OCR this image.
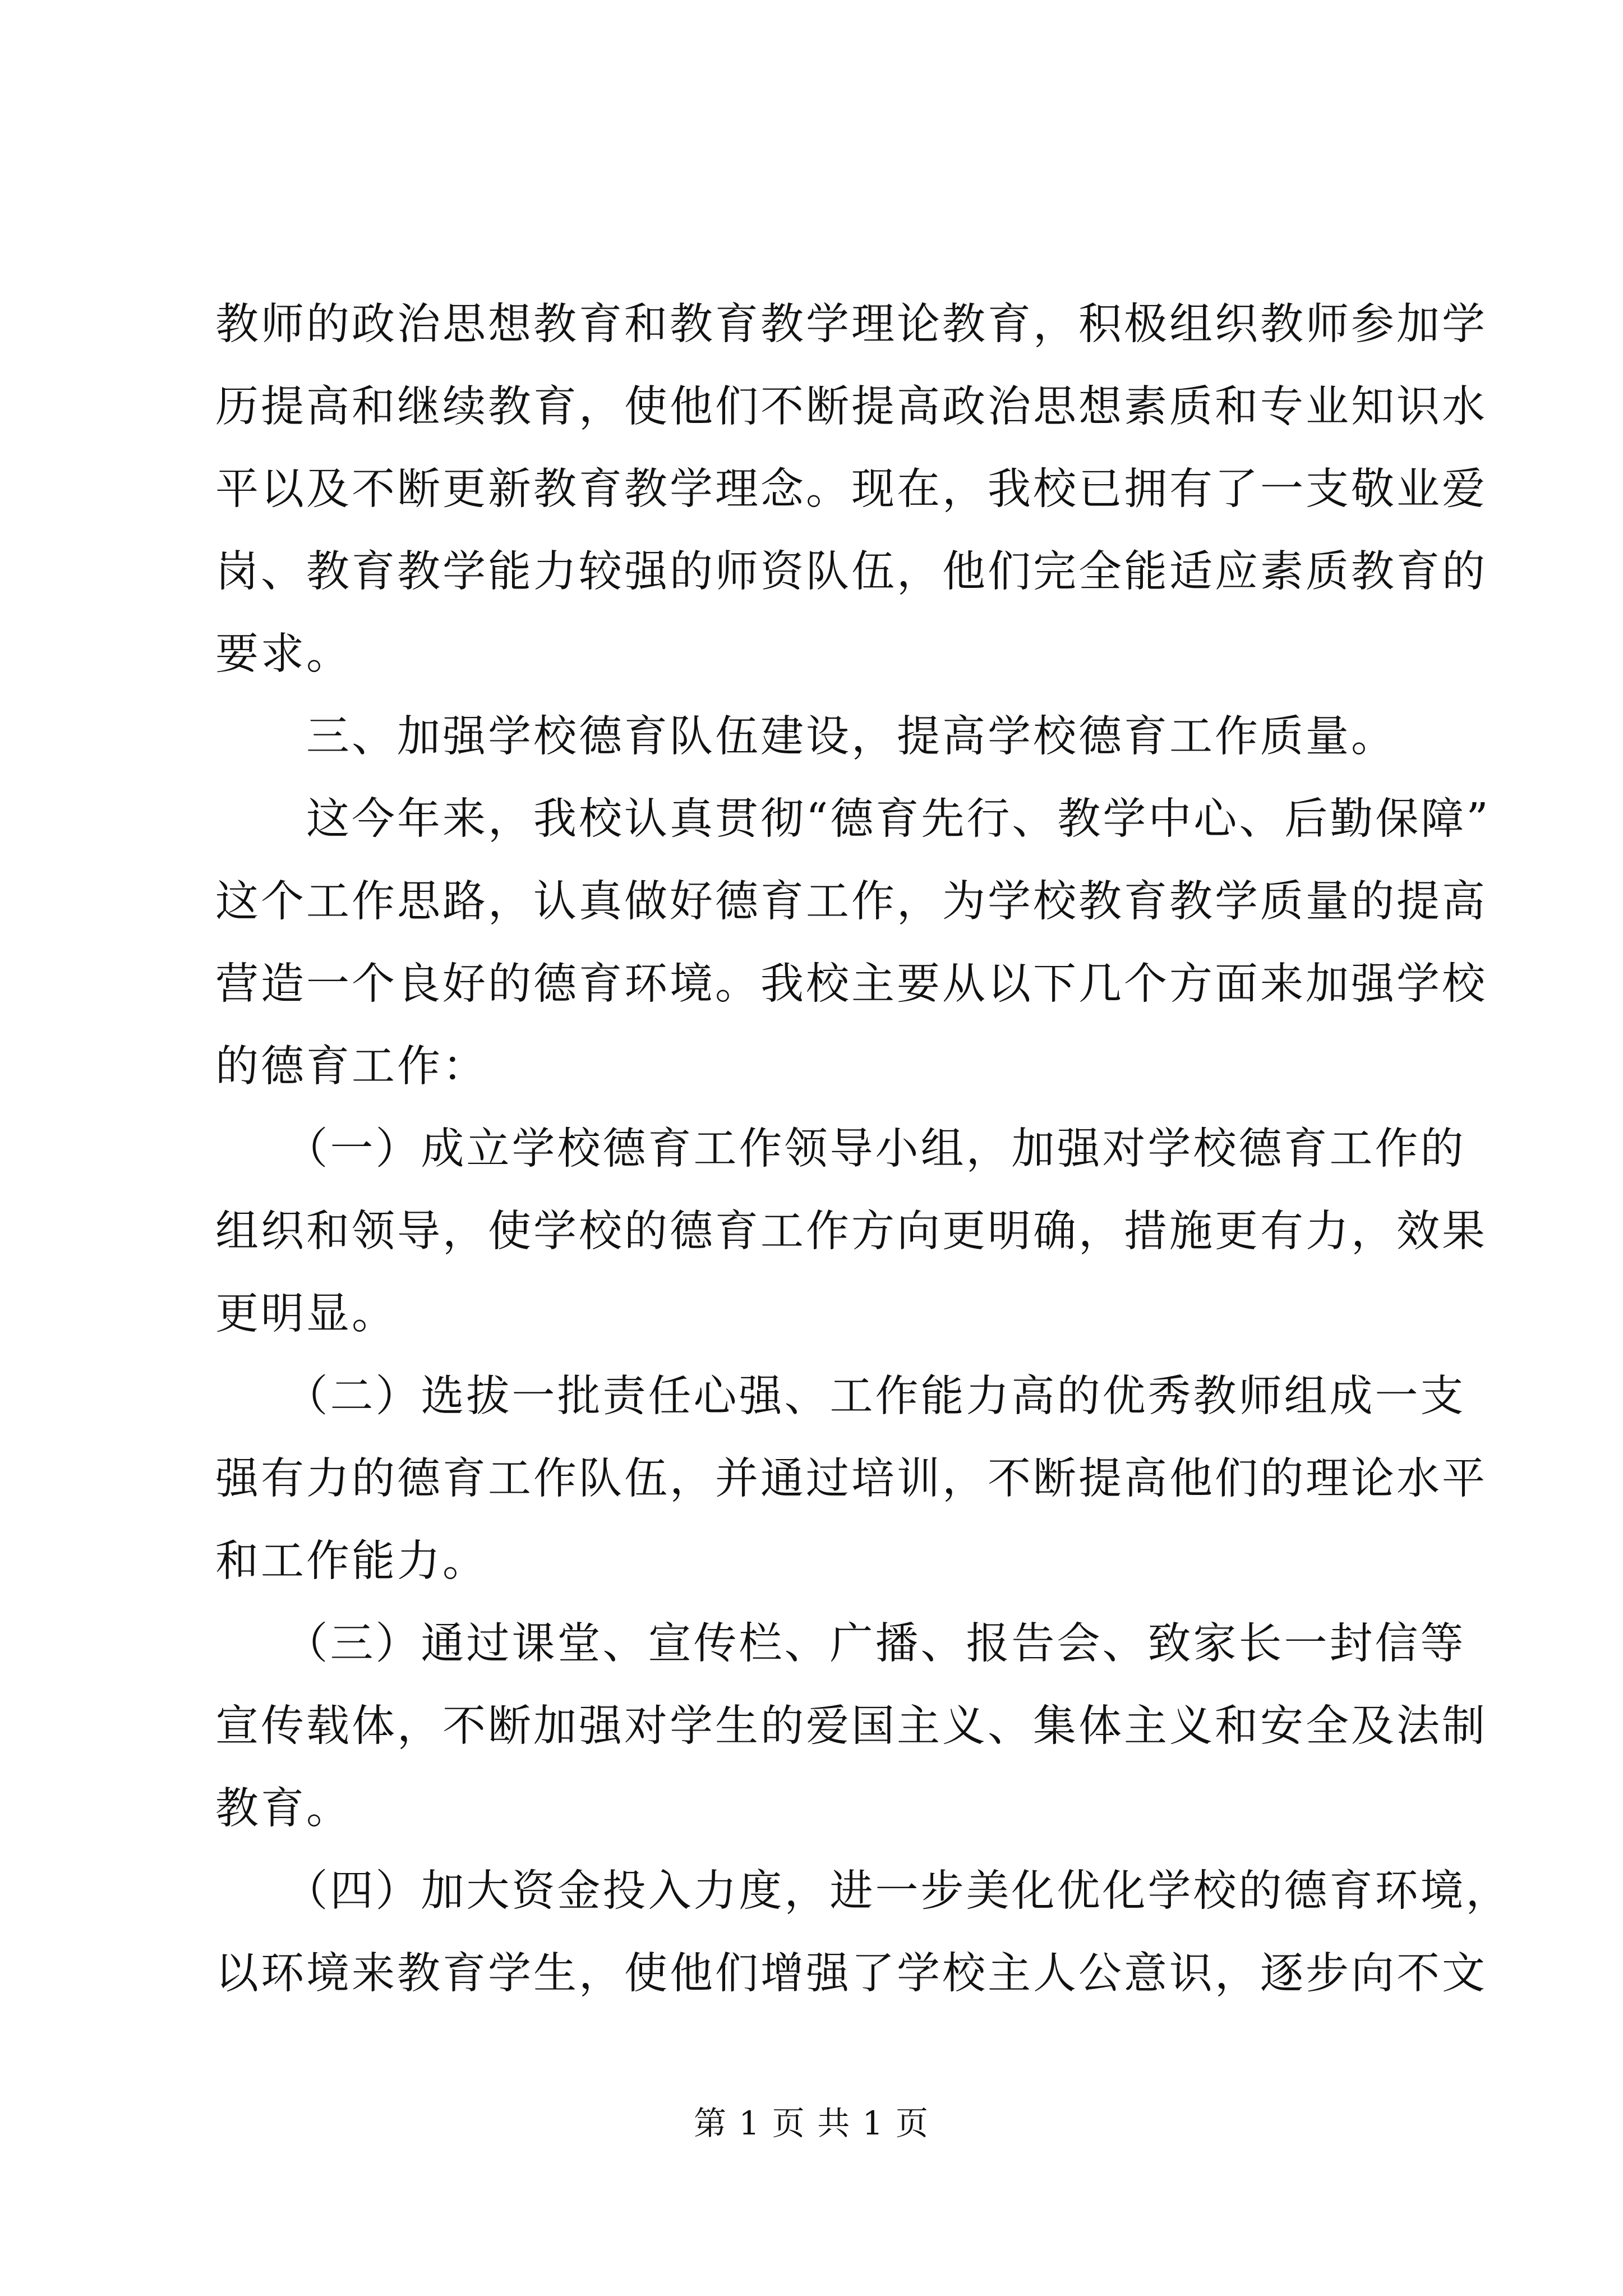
教师的政治思想教育和教育教学理论教育，积极组织教师参加学
历提高和继续教育，使他们不断提高政治思想素质和专业知识水
平以及不断更新教育教学理念。现在，我校已拥有了一支敬业爱
岗、教育教学能力较强的师资队伍，他们完全能适应素质教育的
要求。
　　三、加强学校德育队伍建设，提高学校德育工作质量。
　　这今年来，我校认真贯彻“德育先行、教学中心、后勤保障”
这个工作思路，认真做好德育工作，为学校教育教学质量的提高
营造一个良好的德育环境。我校主要从以下几个方面来加强学校
的德育工作：
　　（一）成立学校德育工作领导小组，加强对学校德育工作的
组织和领导，使学校的德育工作方向更明确，措施更有力，效果
更明显。
　　（二）选拔一批责任心强、工作能力高的优秀教师组成一支
强有力的德育工作队伍，并通过培训，不断提高他们的理论水平
和工作能力。
　　（三）通过课堂、宣传栏、广播、报告会、致家长一封信等
宣传载体，不断加强对学生的爱国主义、集体主义和安全及法制
教育。
　　（四）加大资金投入力度，进一步美化优化学校的德育环境，
以环境来教育学生，使他们增强了学校主人公意识，逐步向不文
第 1 页 共 1 页
